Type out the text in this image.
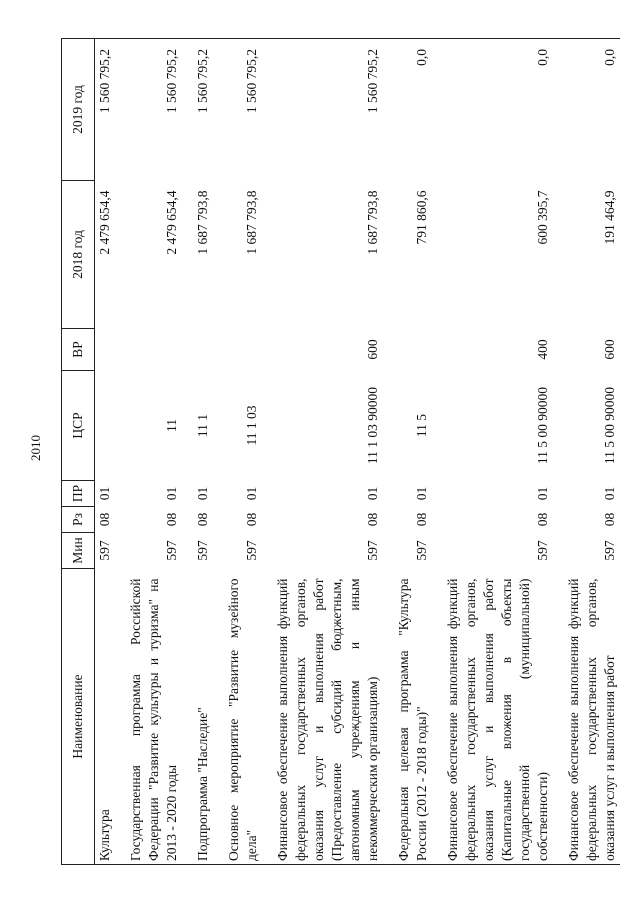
2010
Наименование	Мин	Рз	ПР	ЦСР	ВР	2018 год	2019 год
Культура	597	08	01			2 479 654,4	1 560 795,2
Государственная программа Российской Федерации "Развитие культуры и туризма" на 2013 - 2020 годы	597	08	01	11		2 479 654,4	1 560 795,2
Подпрограмма "Наследие"	597	08	01	11 1		1 687 793,8	1 560 795,2
Основное мероприятие "Развитие музейного дела"	597	08	01	11 1 03		1 687 793,8	1 560 795,2
Финансовое обеспечение выполнения функций федеральных государственных органов, оказания услуг и выполнения работ (Предоставление субсидий бюджетным, автономным учреждениям и иным некоммерческим организациям)	597	08	01	11 1 03 90000	600	1 687 793,8	1 560 795,2
Федеральная целевая программа "Культура России (2012 - 2018 годы)"	597	08	01	11 5		791 860,6	0,0
Финансовое обеспечение выполнения функций федеральных государственных органов, оказания услуг и выполнения работ (Капитальные вложения в объекты государственной (муниципальной) собственности)	597	08	01	11 5 00 90000	400	600 395,7	0,0
Финансовое обеспечение выполнения функций федеральных государственных органов, оказания услуг и выполнения работ	597	08	01	11 5 00 90000	600	191 464,9	0,0
